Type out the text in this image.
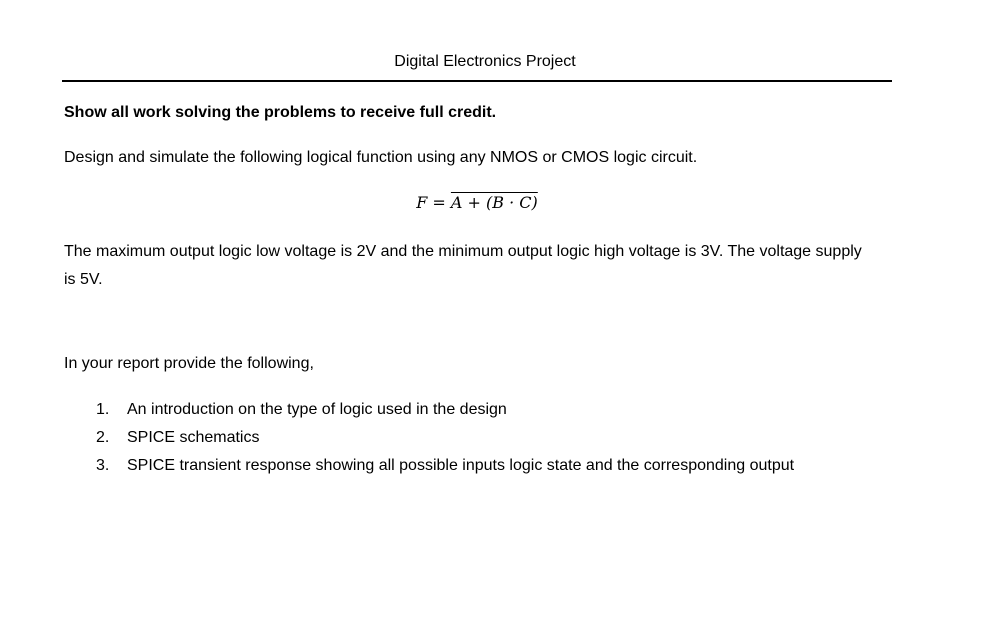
Digital Electronics Project
Show all work solving the problems to receive full credit.
Design and simulate the following logical function using any NMOS or CMOS logic circuit.
F = A + (B · C)
The maximum output logic low voltage is 2V and the minimum output logic high voltage is 3V. The voltage supply is 5V.
In your report provide the following,
1.	An introduction on the type of logic used in the design
2.	SPICE schematics
3.	SPICE transient response showing all possible inputs logic state and the corresponding output
